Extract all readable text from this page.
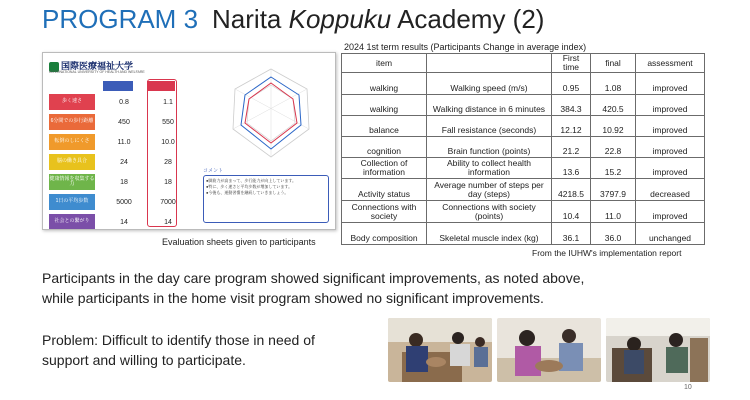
PROGRAM 3 Narita Koppuku Academy (2)
国際医療福祉大学
INTERNATIONAL UNIVERSITY OF HEALTH AND WELFARE
歩く速さ	0.8	1.1
6分間での歩行距離	450	550
転倒のしにくさ	11.0	10.0
脳の働き具合	24	28
健康情報を収集する力	18	18
1日の平均歩数	5000	7000
社会との繋がり	14	14
コメント
●脚筋力が高まって、歩行能力が向上しています。
●特に、歩く速さと平均歩数が増加しています。
●今後も、運動習慣を継続していきましょう。
Evaluation sheets given to participants
2024 1st term results (Participants Change in average index)
item		First time	final	assessment
walking	Walking speed (m/s)	0.95	1.08	improved
walking	Walking distance in 6 minutes	384.3	420.5	improved
balance	Fall resistance (seconds)	12.12	10.92	improved
cognition	Brain function (points)	21.2	22.8	improved
Collection of information	Ability to collect health information	13.6	15.2	improved
Activity status	Average number of steps per day (steps)	4218.5	3797.9	decreased
Connections with society	Connections with society (points)	10.4	11.0	improved
Body composition	Skeletal muscle index (kg)	36.1	36.0	unchanged
From the IUHW's implementation report
Participants in the day care program showed significant improvements, as noted above,
while participants in the home visit program showed no significant improvements.
Problem: Difficult to identify those in need of
support and willing to participate.
10
